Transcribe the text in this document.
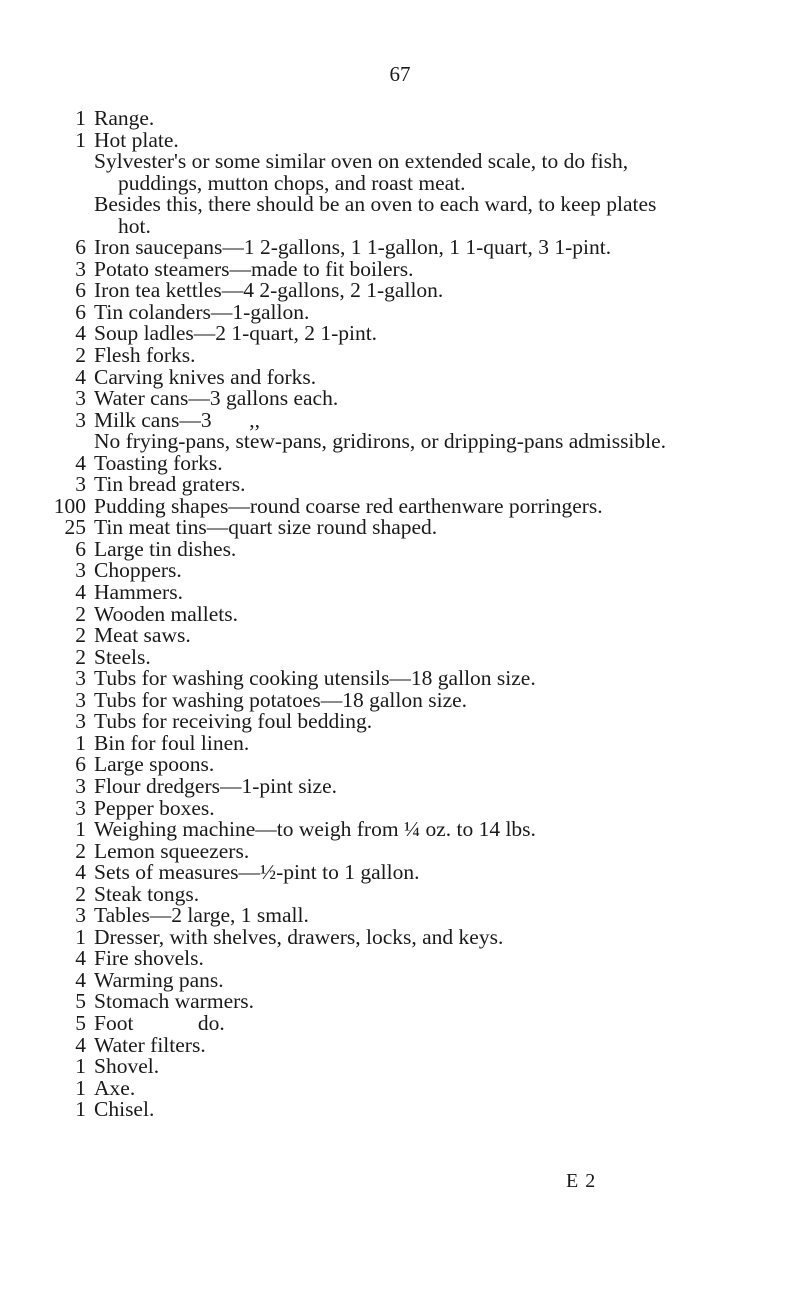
67
1 Range.
1 Hot plate.
Sylvester's or some similar oven on extended scale, to do fish, puddings, mutton chops, and roast meat.
Besides this, there should be an oven to each ward, to keep plates hot.
6 Iron saucepans—1 2-gallons, 1 1-gallon, 1 1-quart, 3 1-pint.
3 Potato steamers—made to fit boilers.
6 Iron tea kettles—4 2-gallons, 2 1-gallon.
6 Tin colanders—1-gallon.
4 Soup ladles—2 1-quart, 2 1-pint.
2 Flesh forks.
4 Carving knives and forks.
3 Water cans—3 gallons each.
3 Milk cans—3       ,,
No frying-pans, stew-pans, gridirons, or dripping-pans admissible.
4 Toasting forks.
3 Tin bread graters.
100 Pudding shapes—round coarse red earthenware porringers.
25 Tin meat tins—quart size round shaped.
6 Large tin dishes.
3 Choppers.
4 Hammers.
2 Wooden mallets.
2 Meat saws.
2 Steels.
3 Tubs for washing cooking utensils—18 gallon size.
3 Tubs for washing potatoes—18 gallon size.
3 Tubs for receiving foul bedding.
1 Bin for foul linen.
6 Large spoons.
3 Flour dredgers—1-pint size.
3 Pepper boxes.
1 Weighing machine—to weigh from ¼ oz. to 14 lbs.
2 Lemon squeezers.
4 Sets of measures—½-pint to 1 gallon.
2 Steak tongs.
3 Tables—2 large, 1 small.
1 Dresser, with shelves, drawers, locks, and keys.
4 Fire shovels.
4 Warming pans.
5 Stomach warmers.
5 Foot            do.
4 Water filters.
1 Shovel.
1 Axe.
1 Chisel.
E 2
